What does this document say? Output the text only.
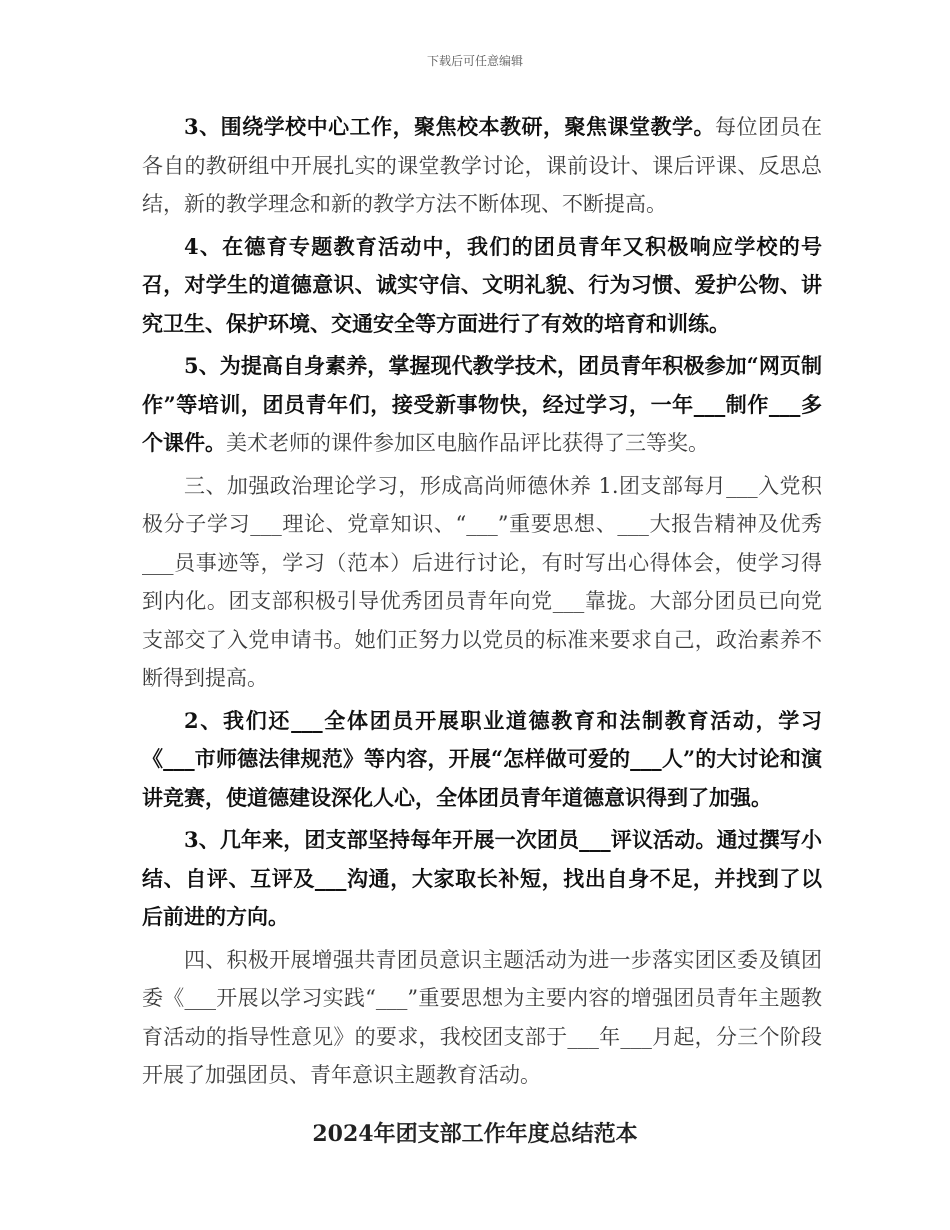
下载后可任意编辑

3、围绕学校中心工作，聚焦校本教研，聚焦课堂教学。每位团员在各自的教研组中开展扎实的课堂教学讨论，课前设计、课后评课、反思总结，新的教学理念和新的教学方法不断体现、不断提高。

4、在德育专题教育活动中，我们的团员青年又积极响应学校的号召，对学生的道德意识、诚实守信、文明礼貌、行为习惯、爱护公物、讲究卫生、保护环境、交通安全等方面进行了有效的培育和训练。

5、为提高自身素养，掌握现代教学技术，团员青年积极参加“网页制作”等培训，团员青年们，接受新事物快，经过学习，一年___制作___多个课件。美术老师的课件参加区电脑作品评比获得了三等奖。

三、加强政治理论学习，形成高尚师德休养 1.团支部每月___入党积极分子学习___理论、党章知识、“___”重要思想、___大报告精神及优秀___员事迹等，学习（范本）后进行讨论，有时写出心得体会，使学习得到内化。团支部积极引导优秀团员青年向党___靠拢。大部分团员已向党支部交了入党申请书。她们正努力以党员的标准来要求自己，政治素养不断得到提高。

2、我们还___全体团员开展职业道德教育和法制教育活动，学习《___市师德法律规范》等内容，开展“怎样做可爱的___人”的大讨论和演讲竞赛，使道德建设深化人心，全体团员青年道德意识得到了加强。

3、几年来，团支部坚持每年开展一次团员___评议活动。通过撰写小结、自评、互评及___沟通，大家取长补短，找出自身不足，并找到了以后前进的方向。

四、积极开展增强共青团员意识主题活动为进一步落实团区委及镇团委《___开展以学习实践“___”重要思想为主要内容的增强团员青年主题教育活动的指导性意见》的要求，我校团支部于___年___月起，分三个阶段开展了加强团员、青年意识主题教育活动。

2024年团支部工作年度总结范本
